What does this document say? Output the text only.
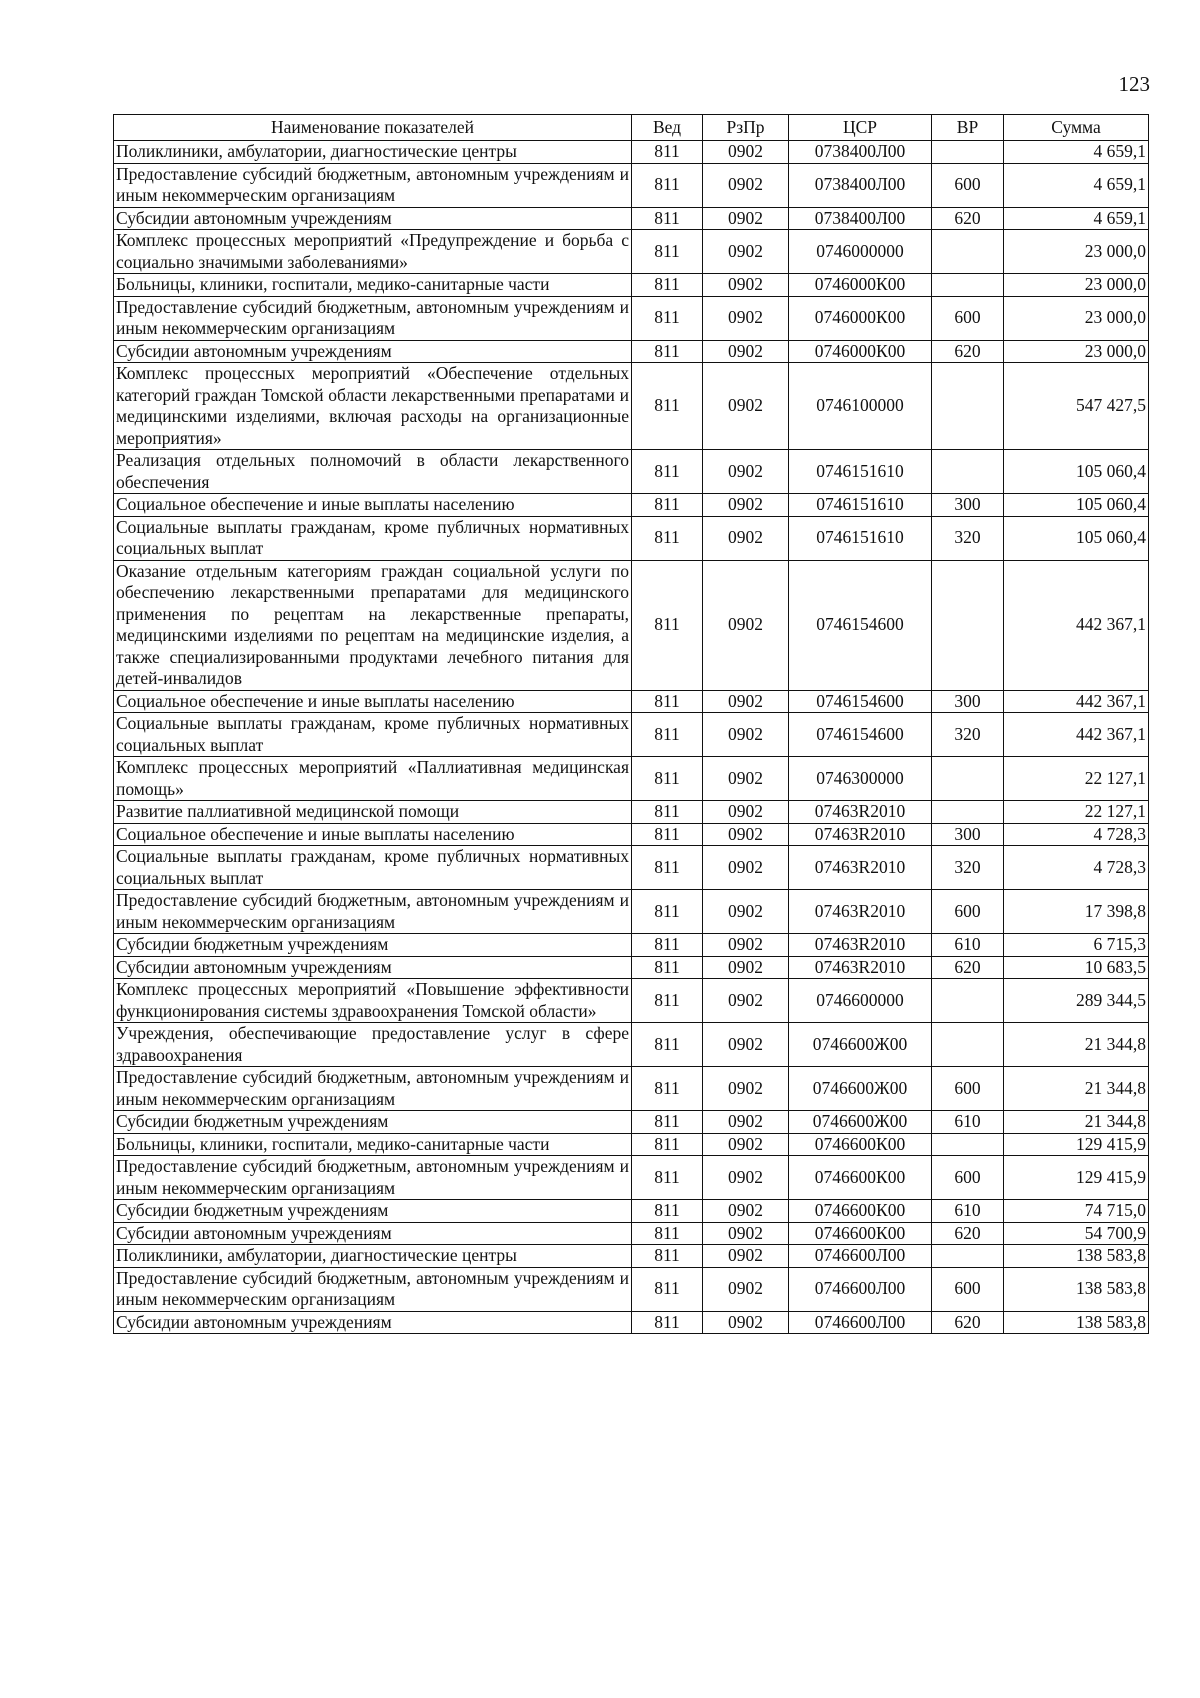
123
Наименование показателей	Вед	РзПр	ЦСР	ВР	Сумма
Поликлиники, амбулатории, диагностические центры	811	0902	0738400Л00		4 659,1
Предоставление субсидий бюджетным, автономным учреждениям и иным некоммерческим организациям	811	0902	0738400Л00	600	4 659,1
Субсидии автономным учреждениям	811	0902	0738400Л00	620	4 659,1
Комплекс процессных мероприятий «Предупреждение и борьба с социально значимыми заболеваниями»	811	0902	0746000000		23 000,0
Больницы, клиники, госпитали, медико-санитарные части	811	0902	0746000К00		23 000,0
Предоставление субсидий бюджетным, автономным учреждениям и иным некоммерческим организациям	811	0902	0746000К00	600	23 000,0
Субсидии автономным учреждениям	811	0902	0746000К00	620	23 000,0
Комплекс процессных мероприятий «Обеспечение отдельных категорий граждан Томской области лекарственными препаратами и медицинскими изделиями, включая расходы на организационные мероприятия»	811	0902	0746100000		547 427,5
Реализация отдельных полномочий в области лекарственного обеспечения	811	0902	0746151610		105 060,4
Социальное обеспечение и иные выплаты населению	811	0902	0746151610	300	105 060,4
Социальные выплаты гражданам, кроме публичных нормативных социальных выплат	811	0902	0746151610	320	105 060,4
Оказание отдельным категориям граждан социальной услуги по обеспечению лекарственными препаратами для медицинского применения по рецептам на лекарственные препараты, медицинскими изделиями по рецептам на медицинские изделия, а также специализированными продуктами лечебного питания для детей-инвалидов	811	0902	0746154600		442 367,1
Социальное обеспечение и иные выплаты населению	811	0902	0746154600	300	442 367,1
Социальные выплаты гражданам, кроме публичных нормативных социальных выплат	811	0902	0746154600	320	442 367,1
Комплекс процессных мероприятий «Паллиативная медицинская помощь»	811	0902	0746300000		22 127,1
Развитие паллиативной медицинской помощи	811	0902	07463R2010		22 127,1
Социальное обеспечение и иные выплаты населению	811	0902	07463R2010	300	4 728,3
Социальные выплаты гражданам, кроме публичных нормативных социальных выплат	811	0902	07463R2010	320	4 728,3
Предоставление субсидий бюджетным, автономным учреждениям и иным некоммерческим организациям	811	0902	07463R2010	600	17 398,8
Субсидии бюджетным учреждениям	811	0902	07463R2010	610	6 715,3
Субсидии автономным учреждениям	811	0902	07463R2010	620	10 683,5
Комплекс процессных мероприятий «Повышение эффективности функционирования системы здравоохранения Томской области»	811	0902	0746600000		289 344,5
Учреждения, обеспечивающие предоставление услуг в сфере здравоохранения	811	0902	0746600Ж00		21 344,8
Предоставление субсидий бюджетным, автономным учреждениям и иным некоммерческим организациям	811	0902	0746600Ж00	600	21 344,8
Субсидии бюджетным учреждениям	811	0902	0746600Ж00	610	21 344,8
Больницы, клиники, госпитали, медико-санитарные части	811	0902	0746600К00		129 415,9
Предоставление субсидий бюджетным, автономным учреждениям и иным некоммерческим организациям	811	0902	0746600К00	600	129 415,9
Субсидии бюджетным учреждениям	811	0902	0746600К00	610	74 715,0
Субсидии автономным учреждениям	811	0902	0746600К00	620	54 700,9
Поликлиники, амбулатории, диагностические центры	811	0902	0746600Л00		138 583,8
Предоставление субсидий бюджетным, автономным учреждениям и иным некоммерческим организациям	811	0902	0746600Л00	600	138 583,8
Субсидии автономным учреждениям	811	0902	0746600Л00	620	138 583,8
